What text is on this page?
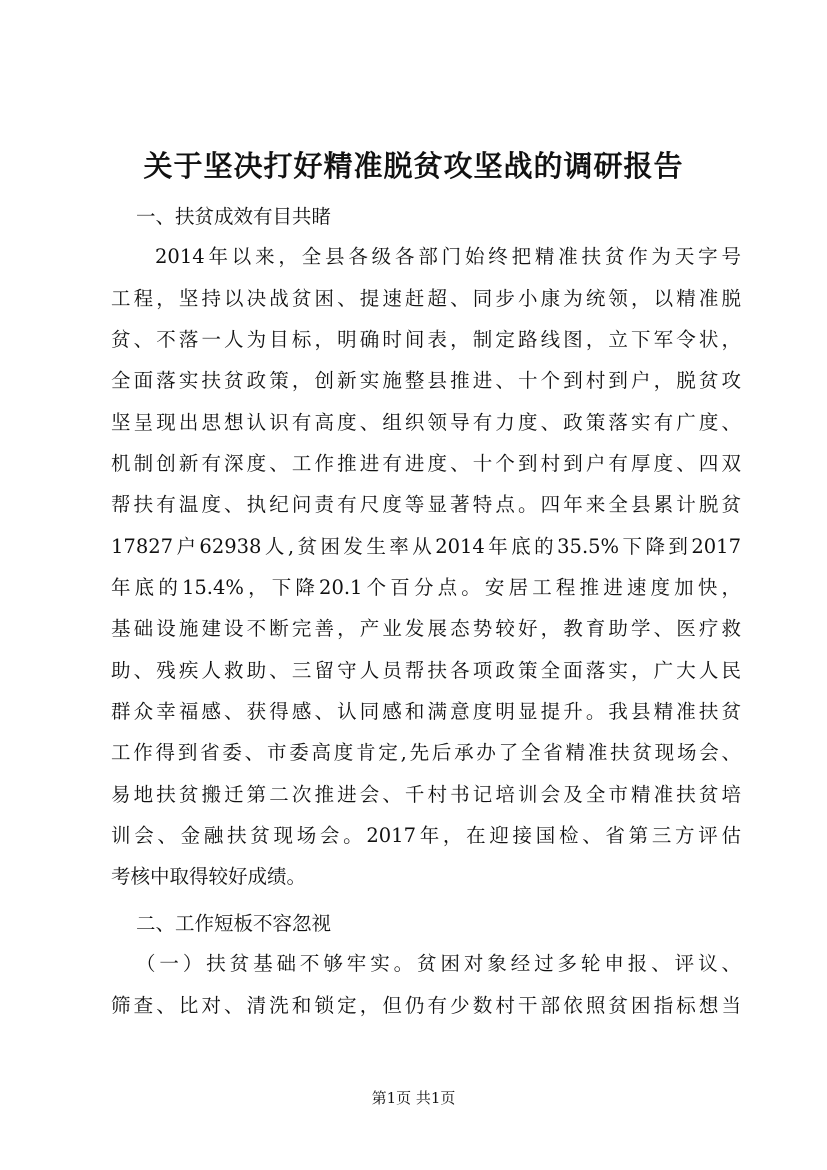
关于坚决打好精准脱贫攻坚战的调研报告
一、扶贫成效有目共睹
2014年以来，全县各级各部门始终把精准扶贫作为天字号
工程，坚持以决战贫困、提速赶超、同步小康为统领，以精准脱
贫、不落一人为目标，明确时间表，制定路线图，立下军令状，
全面落实扶贫政策，创新实施整县推进、十个到村到户，脱贫攻
坚呈现出思想认识有高度、组织领导有力度、政策落实有广度、
机制创新有深度、工作推进有进度、十个到村到户有厚度、四双
帮扶有温度、执纪问责有尺度等显著特点。四年来全县累计脱贫
17827户62938人,贫困发生率从2014年底的35.5%下降到2017
年底的15.4%，下降20.1个百分点。安居工程推进速度加快，
基础设施建设不断完善，产业发展态势较好，教育助学、医疗救
助、残疾人救助、三留守人员帮扶各项政策全面落实，广大人民
群众幸福感、获得感、认同感和满意度明显提升。我县精准扶贫
工作得到省委、市委高度肯定,先后承办了全省精准扶贫现场会、
易地扶贫搬迁第二次推进会、千村书记培训会及全市精准扶贫培
训会、金融扶贫现场会。2017年，在迎接国检、省第三方评估
考核中取得较好成绩。
二、工作短板不容忽视
（一）扶贫基础不够牢实。贫困对象经过多轮申报、评议、
筛查、比对、清洗和锁定，但仍有少数村干部依照贫困指标想当
第1页 共1页
